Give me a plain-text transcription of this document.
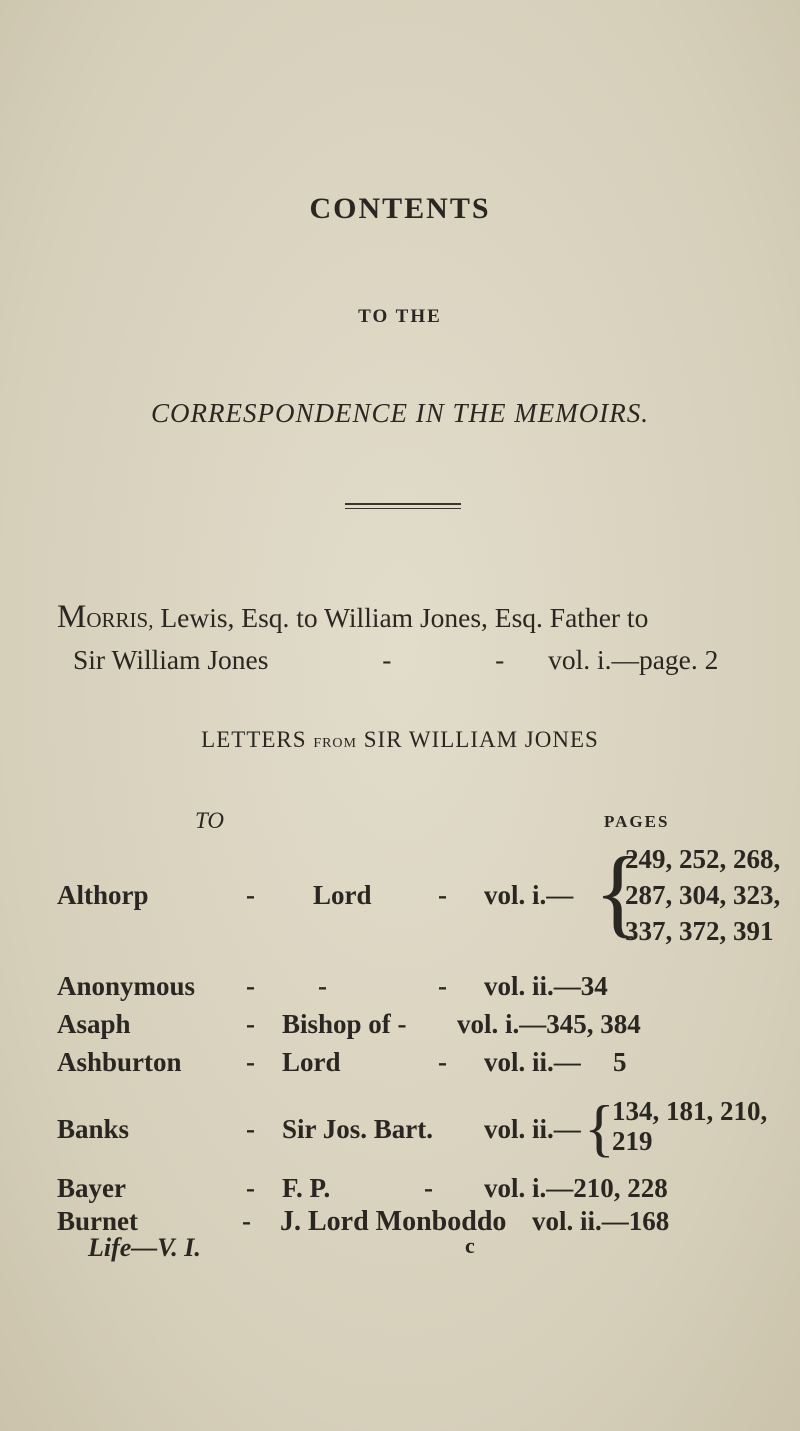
CONTENTS
TO THE
CORRESPONDENCE IN THE MEMOIRS.
MORRIS, Lewis, Esq. to William Jones, Esq. Father to
Sir William Jones	-	- vol. i.—page. 2
LETTERS FROM SIR WILLIAM JONES
TO	PAGES
Althorp	- Lord - vol. i.— {
249, 252, 268,
287, 304, 323,
337, 372, 391
Anonymous - -	- vol. ii.—34
Asaph	- Bishop of - vol. i.—345, 384
Ashburton - Lord	- vol. ii.— 5
Banks	- Sir Jos. Bart. vol. ii.— {
134, 181, 210,
219
Bayer	- F. P.	- vol. i.—210, 228
Burnet	- J. Lord Monboddo vol. ii.—168
Life—V. I.	c
